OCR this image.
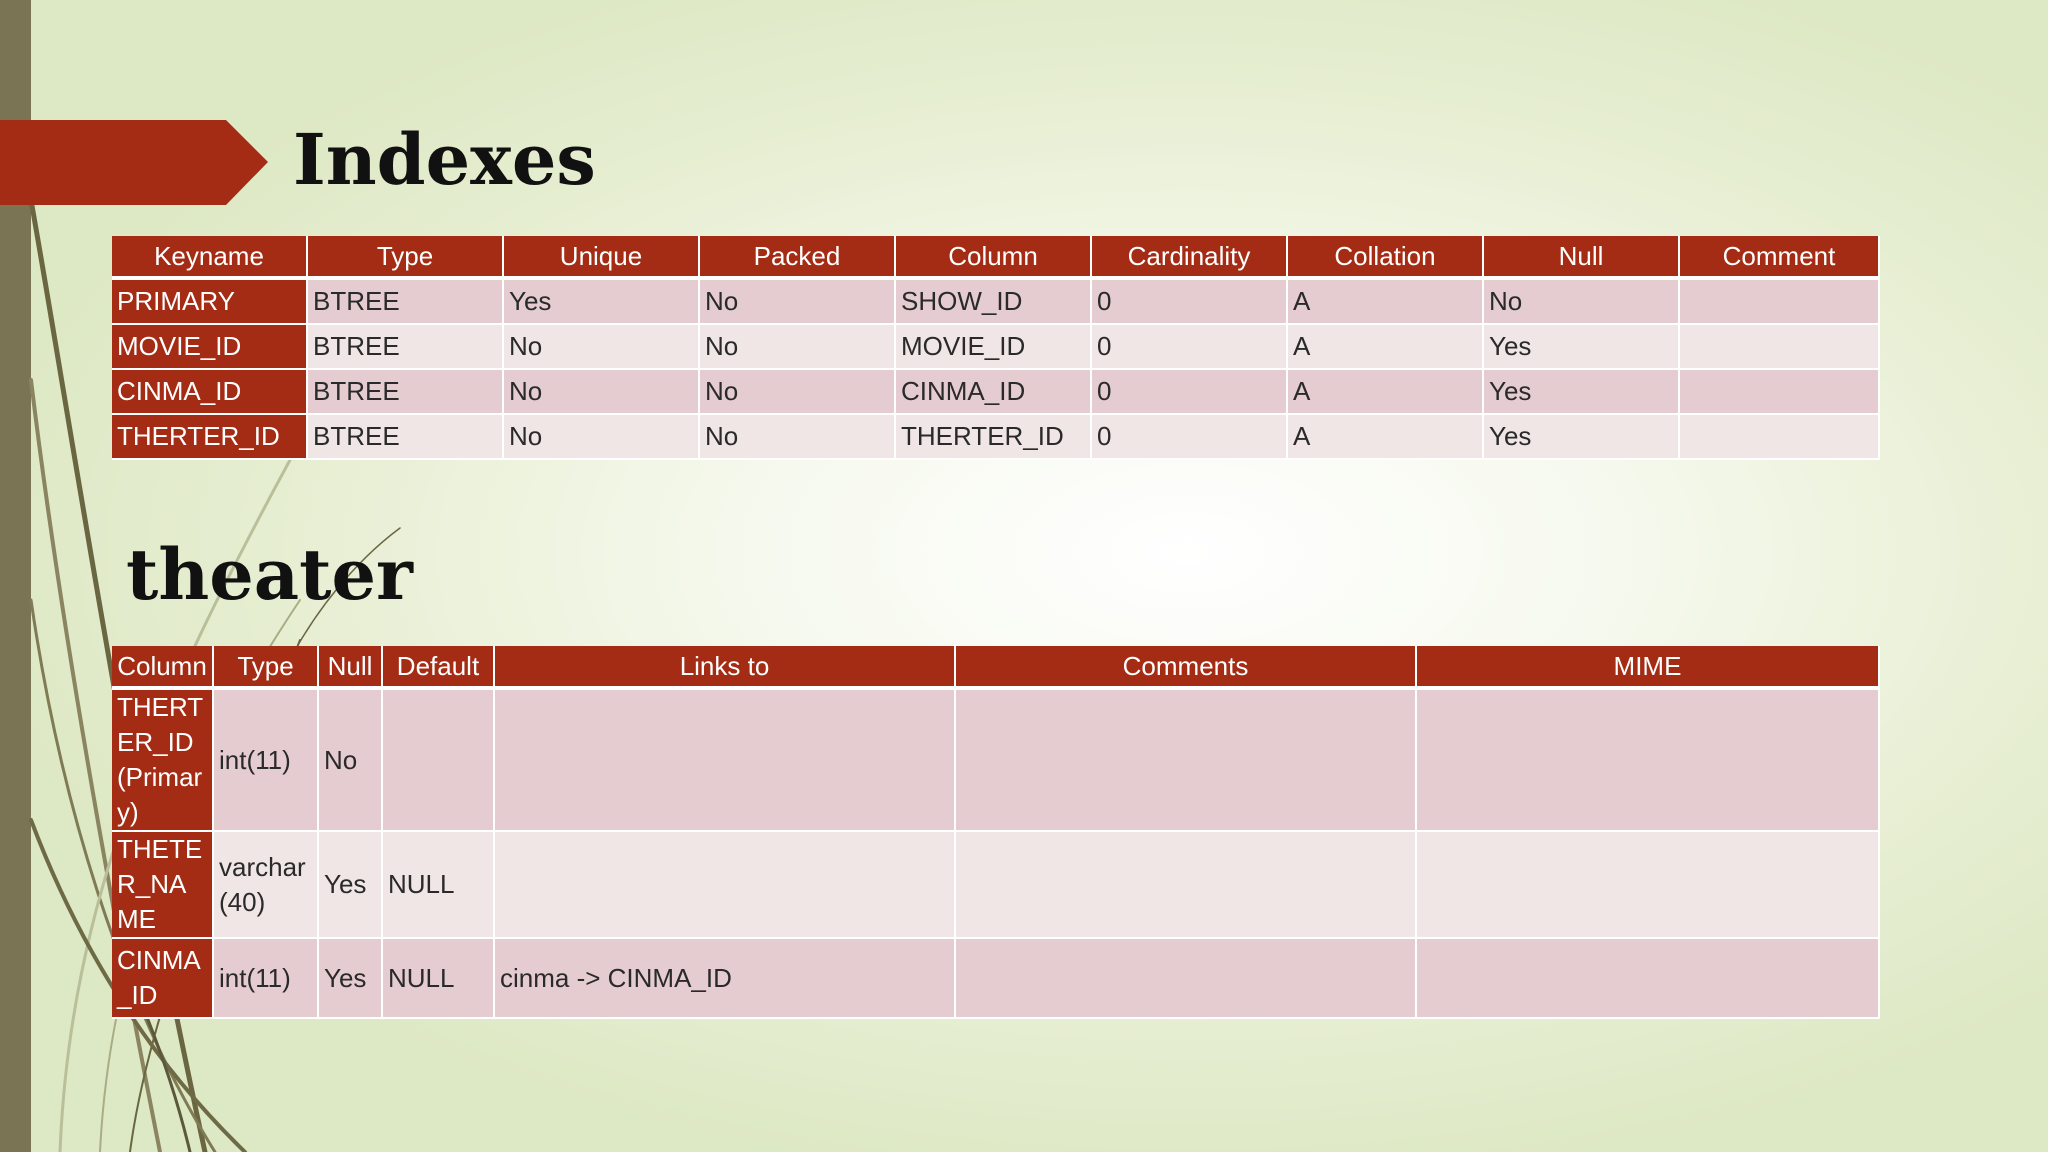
Indexes
Keyname	Type	Unique	Packed	Column	Cardinality	Collation	Null	Comment
PRIMARY	BTREE	Yes	No	SHOW_ID	0	A	No	
MOVIE_ID	BTREE	No	No	MOVIE_ID	0	A	Yes	
CINMA_ID	BTREE	No	No	CINMA_ID	0	A	Yes	
THERTER_ID	BTREE	No	No	THERTER_ID	0	A	Yes	
theater
Column	Type	Null	Default	Links to	Comments	MIME
THERTER_ID (Primary)	int(11)	No				
THETER_NAME	varchar(40)	Yes	NULL			
CINMA_ID	int(11)	Yes	NULL	cinma -> CINMA_ID		
